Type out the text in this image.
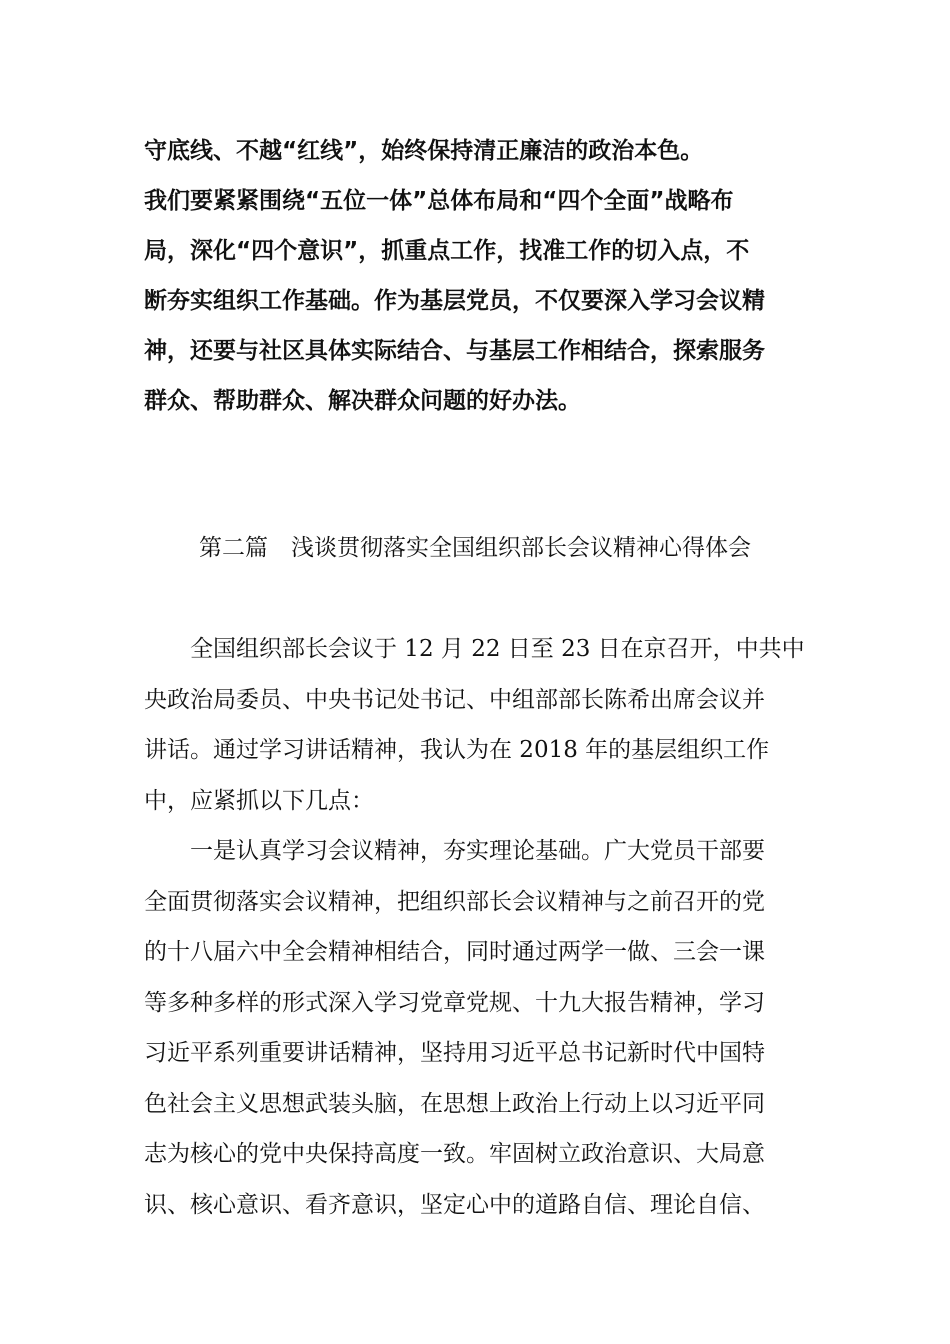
守底线、不越“红线”，始终保持清正廉洁的政治本色。
我们要紧紧围绕“五位一体”总体布局和“四个全面”战略布
局，深化“四个意识”，抓重点工作，找准工作的切入点，不
断夯实组织工作基础。作为基层党员，不仅要深入学习会议精
神，还要与社区具体实际结合、与基层工作相结合，探索服务
群众、帮助群众、解决群众问题的好办法。
第二篇　浅谈贯彻落实全国组织部长会议精神心得体会
全国组织部长会议于 12 月 22 日至 23 日在京召开，中共中
央政治局委员、中央书记处书记、中组部部长陈希出席会议并
讲话。通过学习讲话精神，我认为在 2018 年的基层组织工作
中，应紧抓以下几点：
一是认真学习会议精神，夯实理论基础。广大党员干部要
全面贯彻落实会议精神，把组织部长会议精神与之前召开的党
的十八届六中全会精神相结合，同时通过两学一做、三会一课
等多种多样的形式深入学习党章党规、十九大报告精神，学习
习近平系列重要讲话精神，坚持用习近平总书记新时代中国特
色社会主义思想武装头脑，在思想上政治上行动上以习近平同
志为核心的党中央保持高度一致。牢固树立政治意识、大局意
识、核心意识、看齐意识，坚定心中的道路自信、理论自信、
